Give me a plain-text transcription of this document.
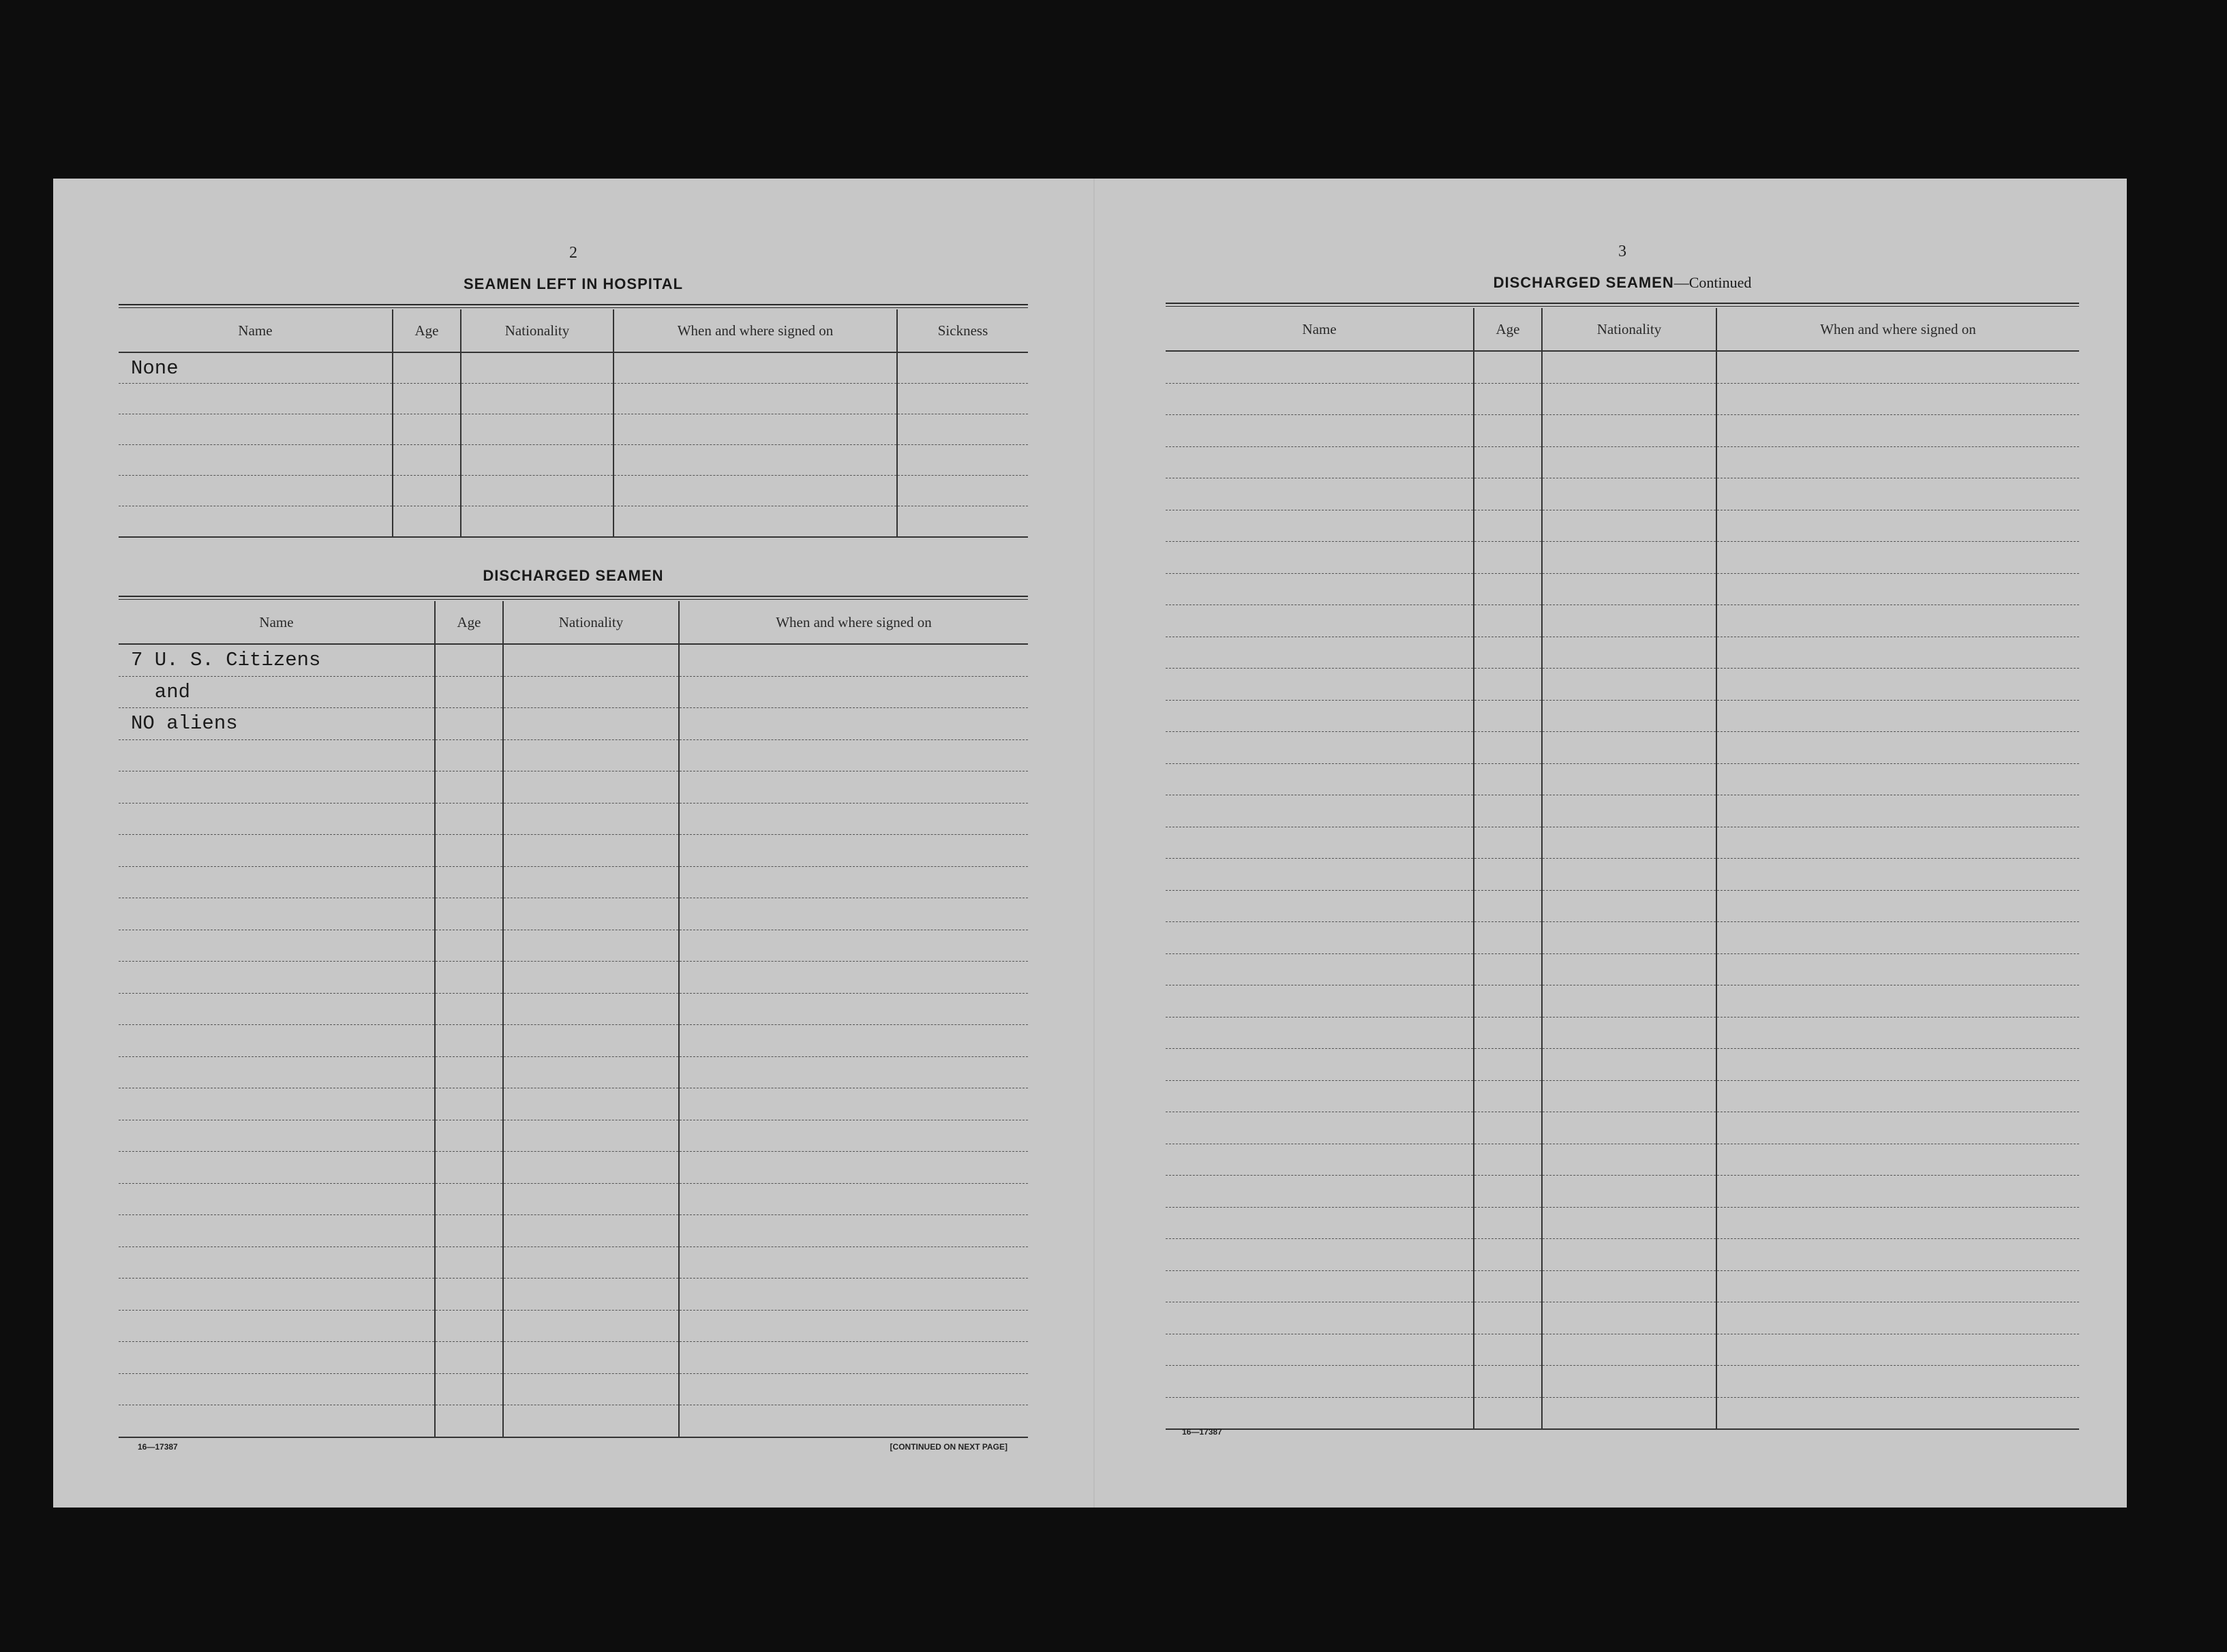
2
SEAMEN LEFT IN HOSPITAL
Name	Age	Nationality	When and where signed on	Sickness
None				

DISCHARGED SEAMEN
Name	Age	Nationality	When and where signed on
7 U. S. Citizens			
and			
NO aliens			

16—17387	[CONTINUED ON NEXT PAGE]
3
DISCHARGED SEAMEN—Continued
Name	Age	Nationality	When and where signed on

16—17387
